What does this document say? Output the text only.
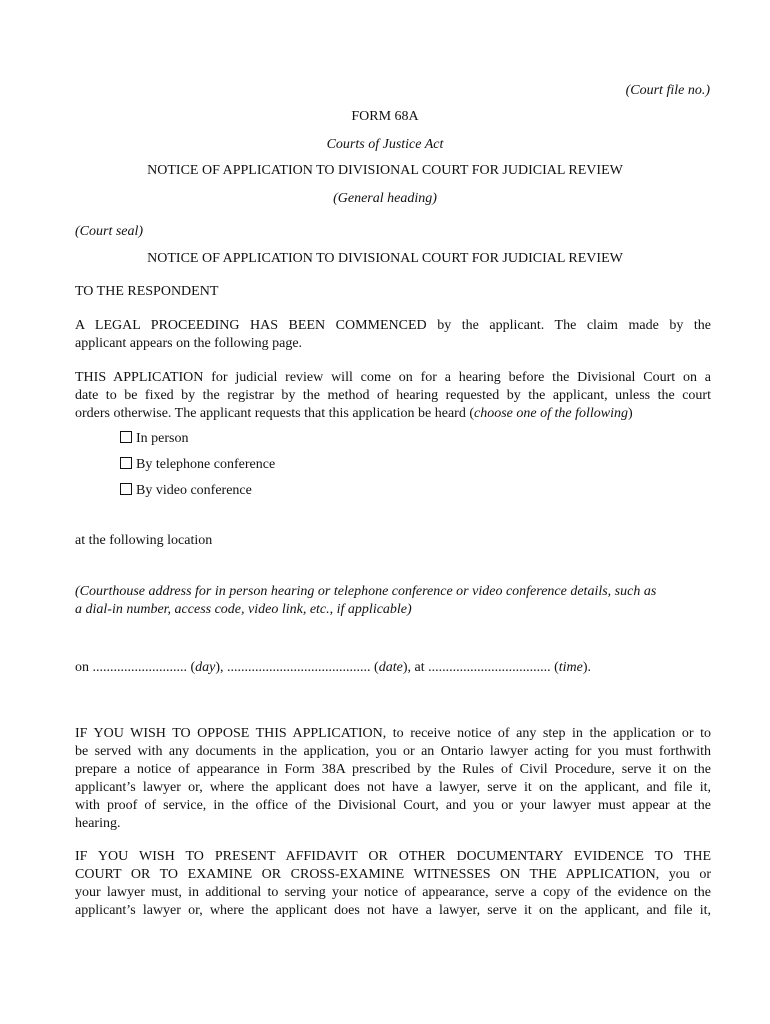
(Court file no.)
FORM 68A
Courts of Justice Act
NOTICE OF APPLICATION TO DIVISIONAL COURT FOR JUDICIAL REVIEW
(General heading)
(Court seal)
NOTICE OF APPLICATION TO DIVISIONAL COURT FOR JUDICIAL REVIEW
TO THE RESPONDENT
A LEGAL PROCEEDING HAS BEEN COMMENCED by the applicant. The claim made by the
applicant appears on the following page.
THIS APPLICATION for judicial review will come on for a hearing before the Divisional Court on a
date to be fixed by the registrar by the method of hearing requested by the applicant, unless the court
orders otherwise. The applicant requests that this application be heard (choose one of the following)
In person
By telephone conference
By video conference
at the following location
(Courthouse address for in person hearing or telephone conference or video conference details, such as
a dial-in number, access code, video link, etc., if applicable)
on ........................... (day), ......................................... (date), at ................................... (time).
IF YOU WISH TO OPPOSE THIS APPLICATION, to receive notice of any step in the application or to
be served with any documents in the application, you or an Ontario lawyer acting for you must forthwith
prepare a notice of appearance in Form 38A prescribed by the Rules of Civil Procedure, serve it on the
applicant’s lawyer or, where the applicant does not have a lawyer, serve it on the applicant, and file it,
with proof of service, in the office of the Divisional Court, and you or your lawyer must appear at the
hearing.
IF YOU WISH TO PRESENT AFFIDAVIT OR OTHER DOCUMENTARY EVIDENCE TO THE
COURT OR TO EXAMINE OR CROSS-EXAMINE WITNESSES ON THE APPLICATION, you or
your lawyer must, in additional to serving your notice of appearance, serve a copy of the evidence on the
applicant’s lawyer or, where the applicant does not have a lawyer, serve it on the applicant, and file it,
